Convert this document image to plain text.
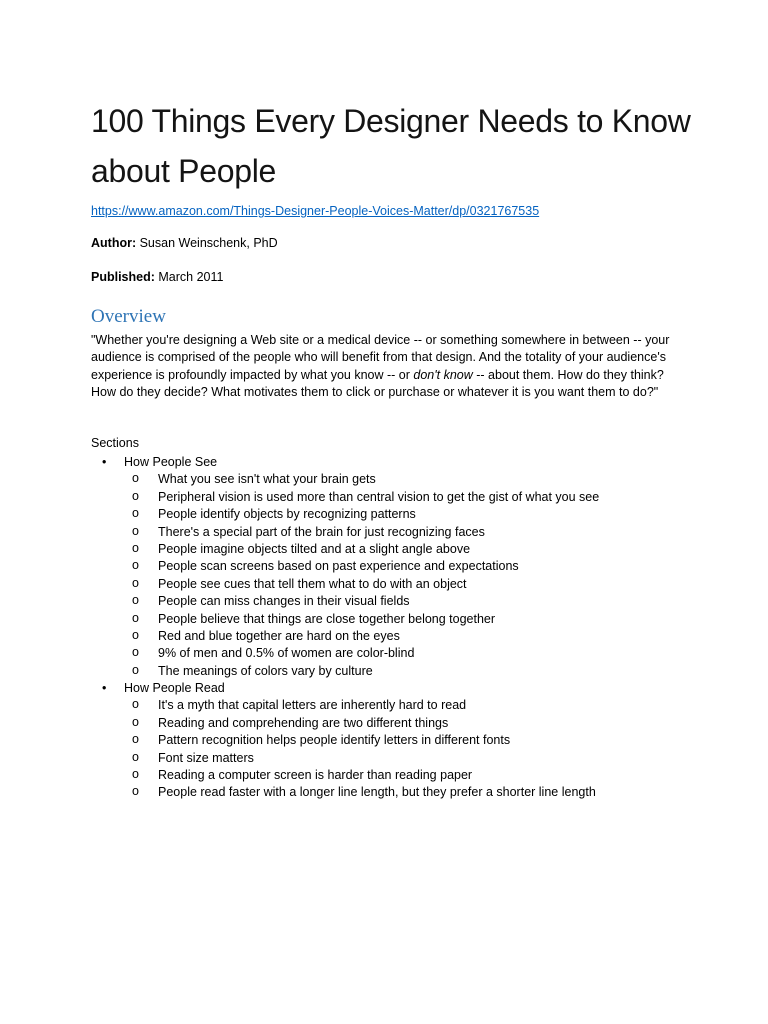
100 Things Every Designer Needs to Know about People
https://www.amazon.com/Things-Designer-People-Voices-Matter/dp/0321767535
Author: Susan Weinschenk, PhD
Published: March 2011
Overview

"Whether you're designing a Web site or a medical device -- or something somewhere in between -- your audience is comprised of the people who will benefit from that design. And the totality of your audience's experience is profoundly impacted by what you know -- or don't know -- about them. How do they think? How do they decide? What motivates them to click or purchase or whatever it is you want them to do?"

Sections
• How People See
o What you see isn't what your brain gets
o Peripheral vision is used more than central vision to get the gist of what you see
o People identify objects by recognizing patterns
o There's a special part of the brain for just recognizing faces
o People imagine objects tilted and at a slight angle above
o People scan screens based on past experience and expectations
o People see cues that tell them what to do with an object
o People can miss changes in their visual fields
o People believe that things are close together belong together
o Red and blue together are hard on the eyes
o 9% of men and 0.5% of women are color-blind
o The meanings of colors vary by culture
• How People Read
o It's a myth that capital letters are inherently hard to read
o Reading and comprehending are two different things
o Pattern recognition helps people identify letters in different fonts
o Font size matters
o Reading a computer screen is harder than reading paper
o People read faster with a longer line length, but they prefer a shorter line length
